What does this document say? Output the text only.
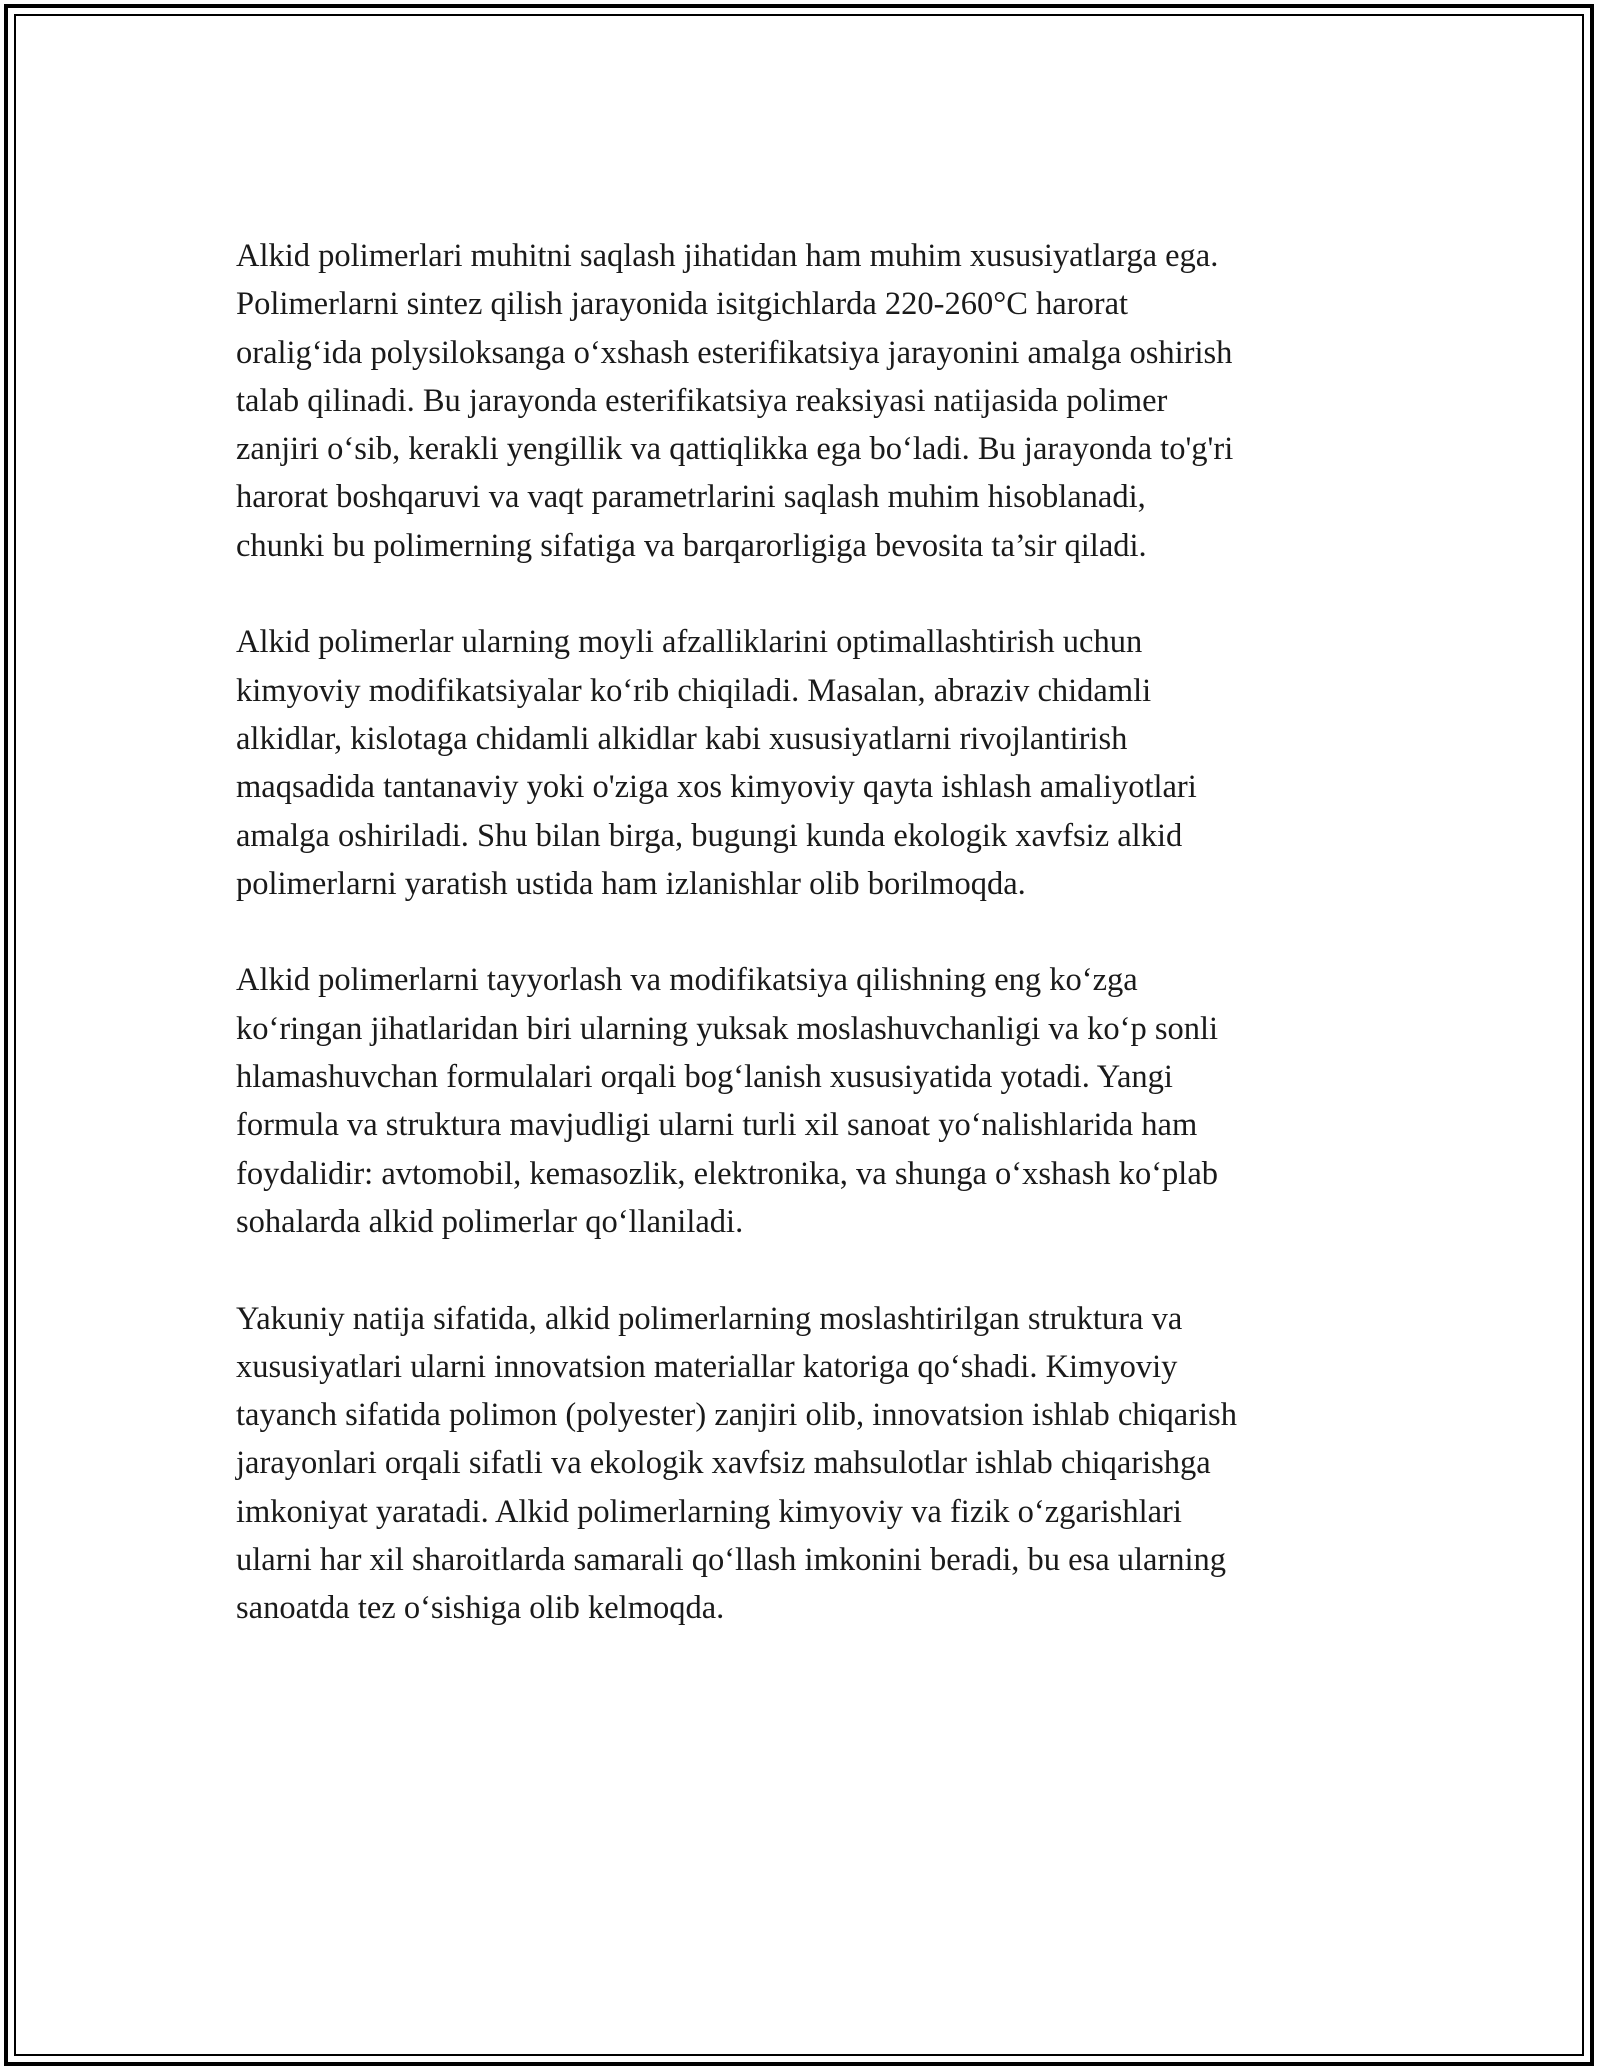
Alkid polimerlari muhitni saqlash jihatidan ham muhim xususiyatlarga ega.
Polimerlarni sintez qilish jarayonida isitgichlarda 220-260°C harorat
oralig‘ida polysiloksanga o‘xshash esterifikatsiya jarayonini amalga oshirish
talab qilinadi. Bu jarayonda esterifikatsiya reaksiyasi natijasida polimer
zanjiri o‘sib, kerakli yengillik va qattiqlikka ega bo‘ladi. Bu jarayonda to'g'ri
harorat boshqaruvi va vaqt parametrlarini saqlash muhim hisoblanadi,
chunki bu polimerning sifatiga va barqarorligiga bevosita ta’sir qiladi.

Alkid polimerlar ularning moyli afzalliklarini optimallashtirish uchun
kimyoviy modifikatsiyalar ko‘rib chiqiladi. Masalan, abraziv chidamli
alkidlar, kislotaga chidamli alkidlar kabi xususiyatlarni rivojlantirish
maqsadida tantanaviy yoki o'ziga xos kimyoviy qayta ishlash amaliyotlari
amalga oshiriladi. Shu bilan birga, bugungi kunda ekologik xavfsiz alkid
polimerlarni yaratish ustida ham izlanishlar olib borilmoqda.

Alkid polimerlarni tayyorlash va modifikatsiya qilishning eng ko‘zga
ko‘ringan jihatlaridan biri ularning yuksak moslashuvchanligi va ko‘p sonli
hlamashuvchan formulalari orqali bog‘lanish xususiyatida yotadi. Yangi
formula va struktura mavjudligi ularni turli xil sanoat yo‘nalishlarida ham
foydalidir: avtomobil, kemasozlik, elektronika, va shunga o‘xshash ko‘plab
sohalarda alkid polimerlar qo‘llaniladi.

Yakuniy natija sifatida, alkid polimerlarning moslashtirilgan struktura va
xususiyatlari ularni innovatsion materiallar katoriga qo‘shadi. Kimyoviy
tayanch sifatida polimon (polyester) zanjiri olib, innovatsion ishlab chiqarish
jarayonlari orqali sifatli va ekologik xavfsiz mahsulotlar ishlab chiqarishga
imkoniyat yaratadi. Alkid polimerlarning kimyoviy va fizik o‘zgarishlari
ularni har xil sharoitlarda samarali qo‘llash imkonini beradi, bu esa ularning
sanoatda tez o‘sishiga olib kelmoqda.
